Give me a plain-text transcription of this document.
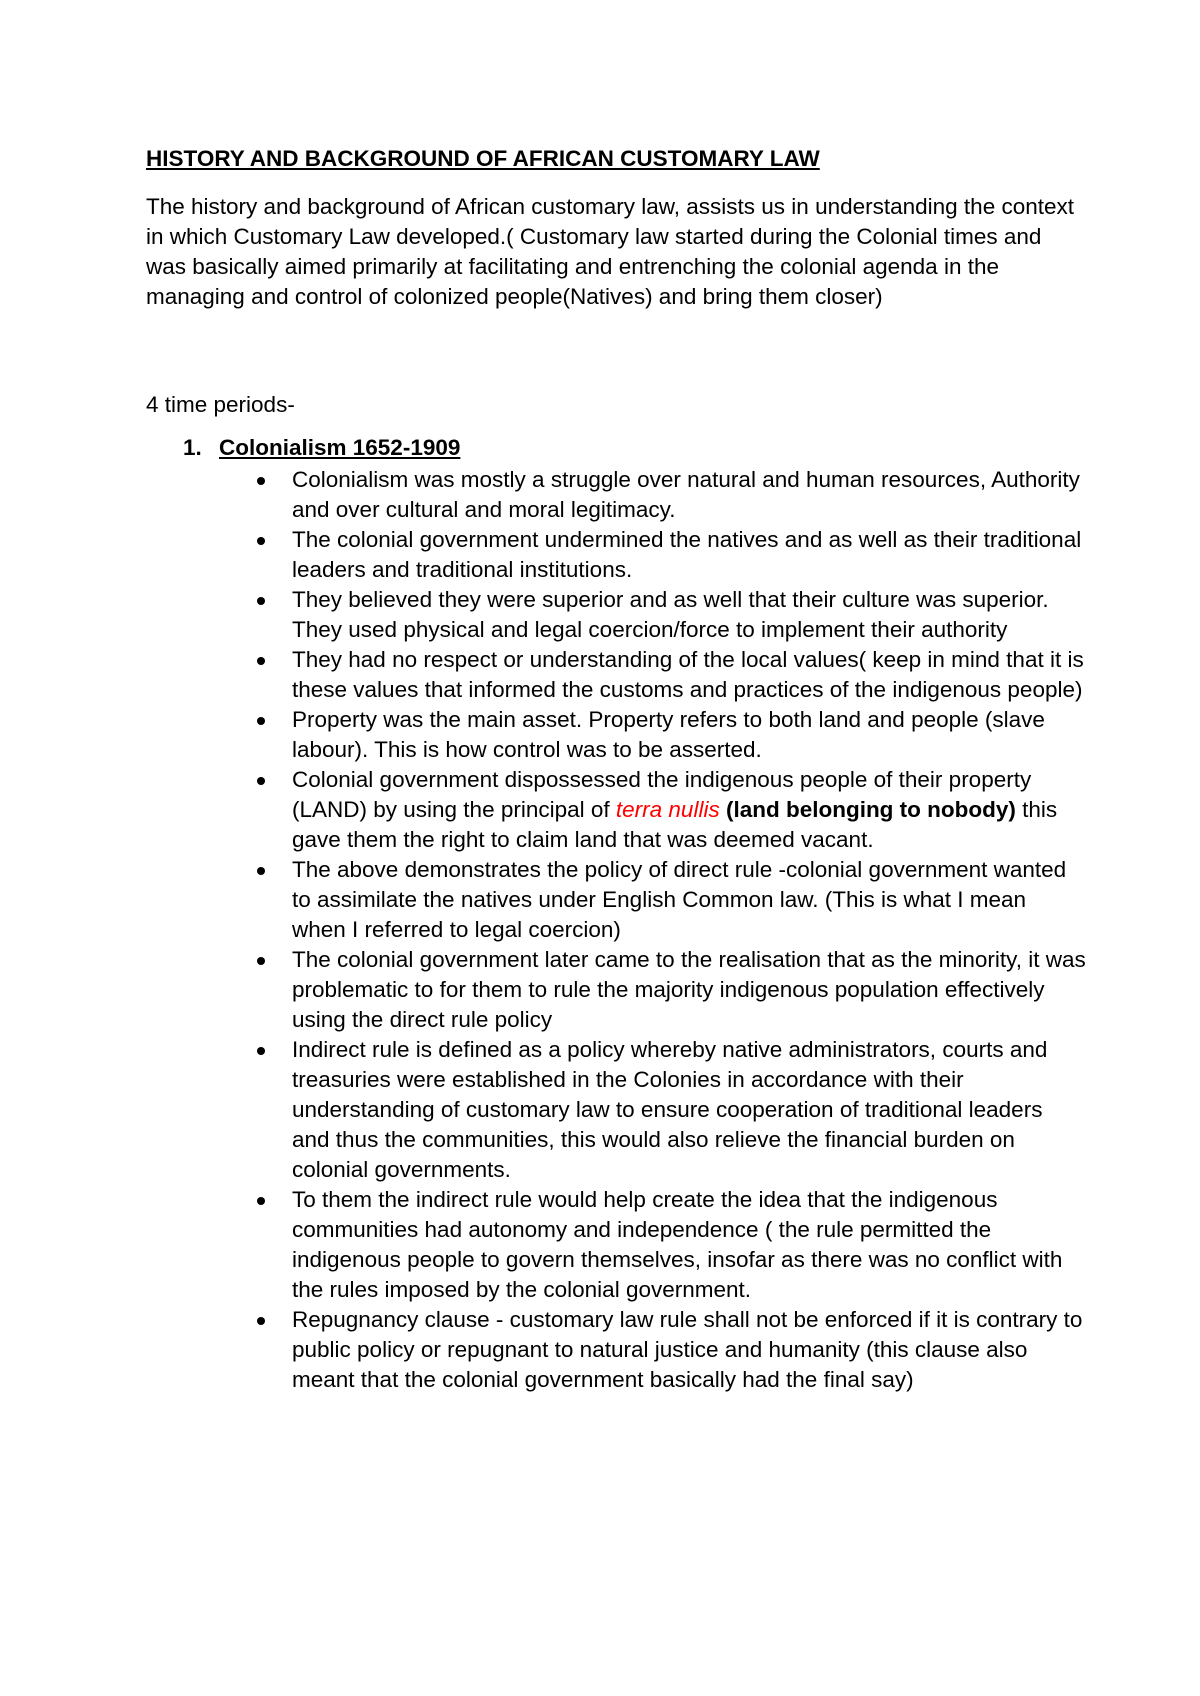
HISTORY AND BACKGROUND OF AFRICAN CUSTOMARY LAW

The history and background of African customary law, assists us in understanding the context in which Customary Law developed.( Customary law started during the Colonial times and was basically aimed primarily at facilitating and entrenching the colonial agenda in the managing and control of colonized people(Natives) and bring them closer)

4 time periods-

1. Colonialism 1652-1909
Colonialism was mostly a struggle over natural and human resources, Authority and over cultural and moral legitimacy.
The colonial government undermined the natives and as well as their traditional leaders and traditional institutions.
They believed they were superior and as well that their culture was superior. They used physical and legal coercion/force to implement their authority
They had no respect or understanding of the local values( keep in mind that it is these values that informed the customs and practices of the indigenous people)
Property was the main asset. Property refers to both land and people (slave labour). This is how control was to be asserted.
Colonial government dispossessed the indigenous people of their property (LAND) by using the principal of terra nullis (land belonging to nobody) this gave them the right to claim land that was deemed vacant.
The above demonstrates the policy of direct rule -colonial government wanted to assimilate the natives under English Common law. (This is what I mean when I referred to legal coercion)
The colonial government later came to the realisation that as the minority, it was problematic to for them to rule the majority indigenous population effectively using the direct rule policy
Indirect rule is defined as a policy whereby native administrators, courts and treasuries were established in the Colonies in accordance with their understanding of customary law to ensure cooperation of traditional leaders and thus the communities, this would also relieve the financial burden on colonial governments.
To them the indirect rule would help create the idea that the indigenous communities had autonomy and independence ( the rule permitted the indigenous people to govern themselves, insofar as there was no conflict with the rules imposed by the colonial government.
Repugnancy clause - customary law rule shall not be enforced if it is contrary to public policy or repugnant to natural justice and humanity (this clause also meant that the colonial government basically had the final say)
